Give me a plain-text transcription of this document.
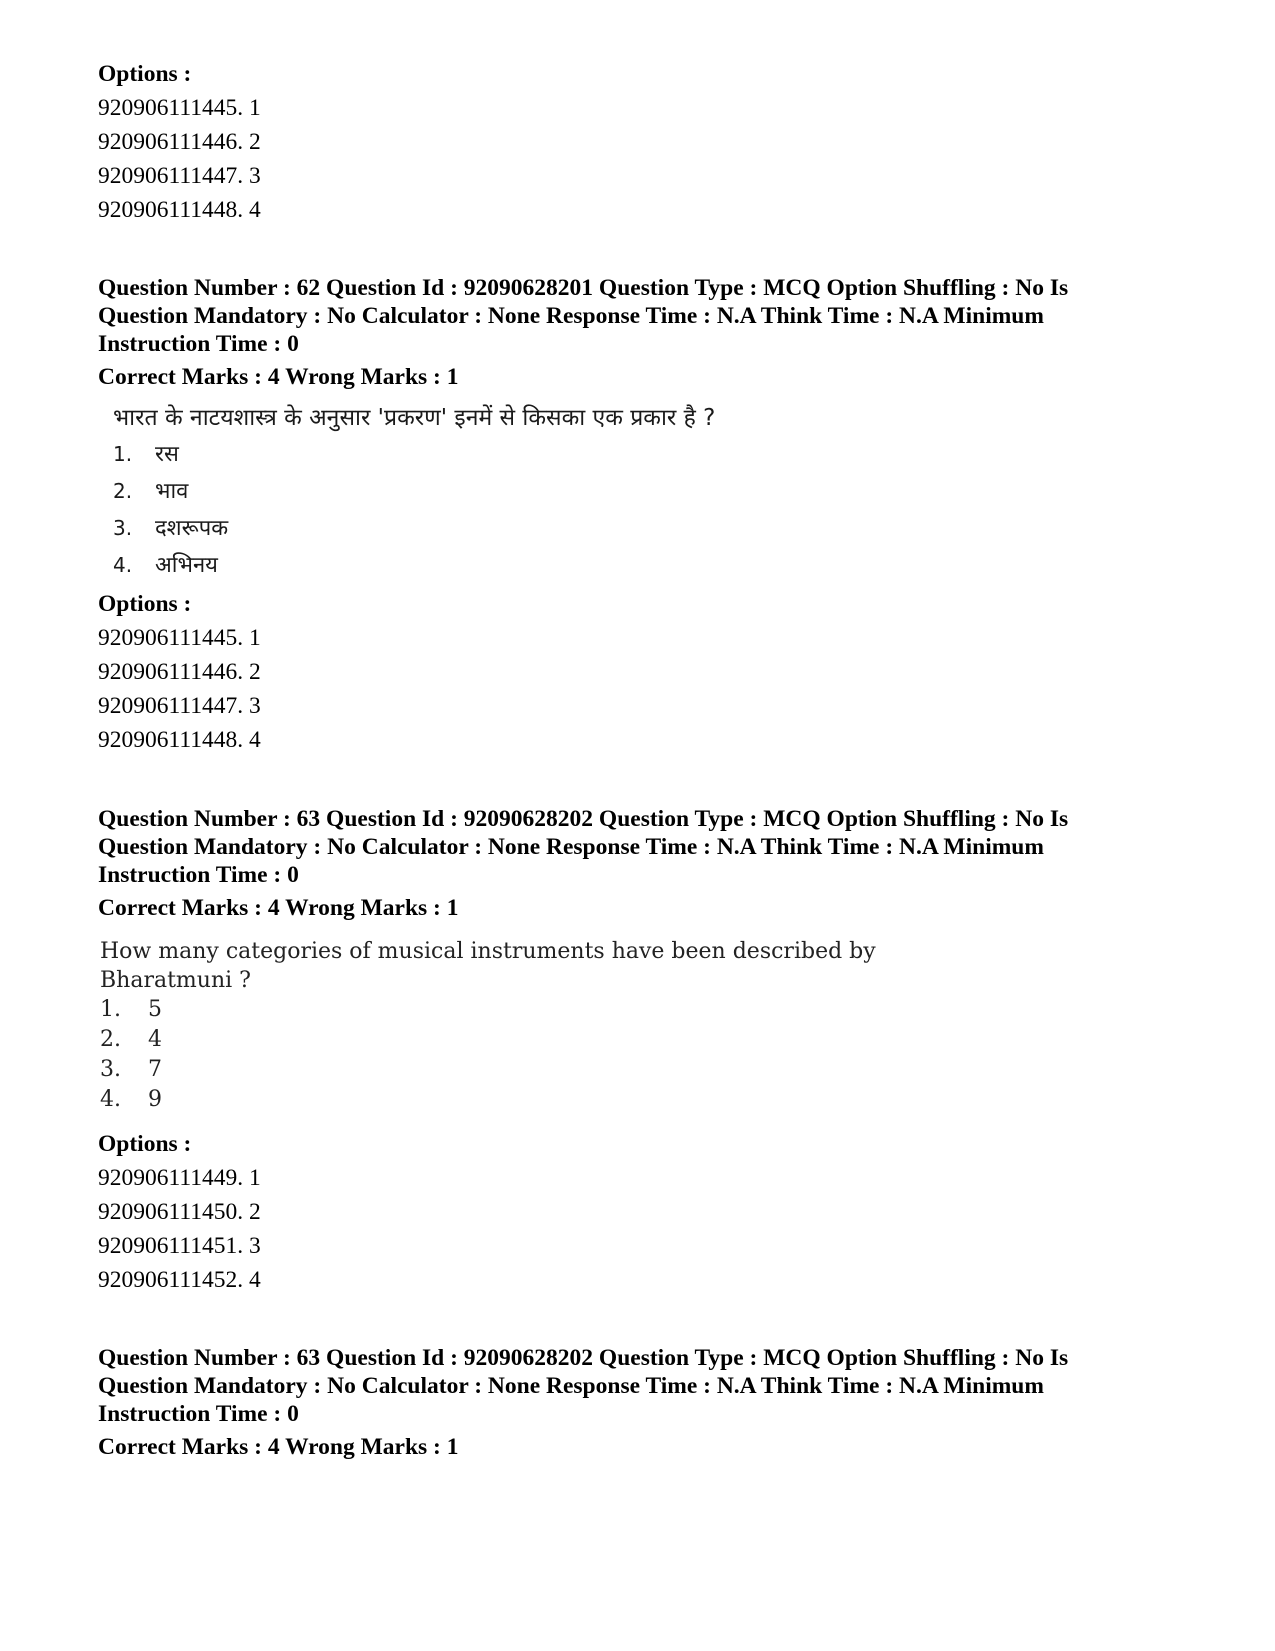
Options :
920906111445. 1
920906111446. 2
920906111447. 3
920906111448. 4
Question Number : 62 Question Id : 92090628201 Question Type : MCQ Option Shuffling : No Is
Question Mandatory : No Calculator : None Response Time : N.A Think Time : N.A Minimum
Instruction Time : 0
Correct Marks : 4 Wrong Marks : 1
भारत के नाटयशास्त्र के अनुसार 'प्रकरण' इनमें से किसका एक प्रकार है ?
1. रस
2. भाव
3. दशरूपक
4. अभिनय
Options :
920906111445. 1
920906111446. 2
920906111447. 3
920906111448. 4
Question Number : 63 Question Id : 92090628202 Question Type : MCQ Option Shuffling : No Is
Question Mandatory : No Calculator : None Response Time : N.A Think Time : N.A Minimum
Instruction Time : 0
Correct Marks : 4 Wrong Marks : 1
How many categories of musical instruments have been described by
Bharatmuni ?
1. 5
2. 4
3. 7
4. 9
Options :
920906111449. 1
920906111450. 2
920906111451. 3
920906111452. 4
Question Number : 63 Question Id : 92090628202 Question Type : MCQ Option Shuffling : No Is
Question Mandatory : No Calculator : None Response Time : N.A Think Time : N.A Minimum
Instruction Time : 0
Correct Marks : 4 Wrong Marks : 1
